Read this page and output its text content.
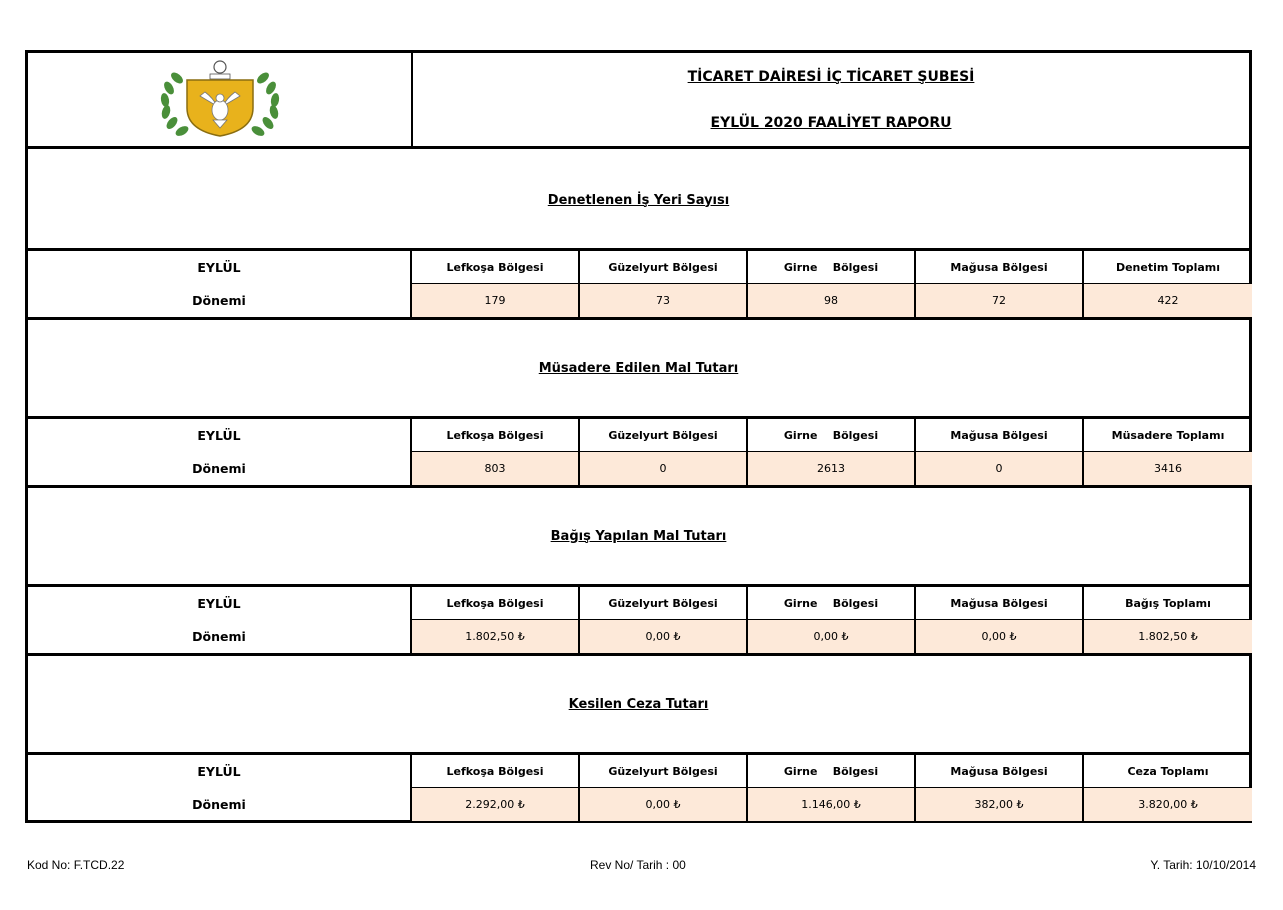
TİCARET DAİRESİ İÇ TİCARET ŞUBESİ
EYLÜL 2020 FAALİYET RAPORU
Denetlenen İş Yeri Sayısı
EYLÜL
Dönemi
Lefkoşa Bölgesi
179
Güzelyurt Bölgesi
73
Girne    Bölgesi
98
Mağusa Bölgesi
72
Denetim Toplamı
422
Müsadere Edilen Mal Tutarı
EYLÜL
Dönemi
Lefkoşa Bölgesi
803
Güzelyurt Bölgesi
0
Girne    Bölgesi
2613
Mağusa Bölgesi
0
Müsadere Toplamı
3416
Bağış Yapılan Mal Tutarı
EYLÜL
Dönemi
Lefkoşa Bölgesi
1.802,50 ₺
Güzelyurt Bölgesi
0,00 ₺
Girne    Bölgesi
0,00 ₺
Mağusa Bölgesi
0,00 ₺
Bağış Toplamı
1.802,50 ₺
Kesilen Ceza Tutarı
EYLÜL
Dönemi
Lefkoşa Bölgesi
2.292,00 ₺
Güzelyurt Bölgesi
0,00 ₺
Girne    Bölgesi
1.146,00 ₺
Mağusa Bölgesi
382,00 ₺
Ceza Toplamı
3.820,00 ₺
Kod No: F.TCD.22	Rev No/ Tarih : 00	Y. Tarih: 10/10/2014
